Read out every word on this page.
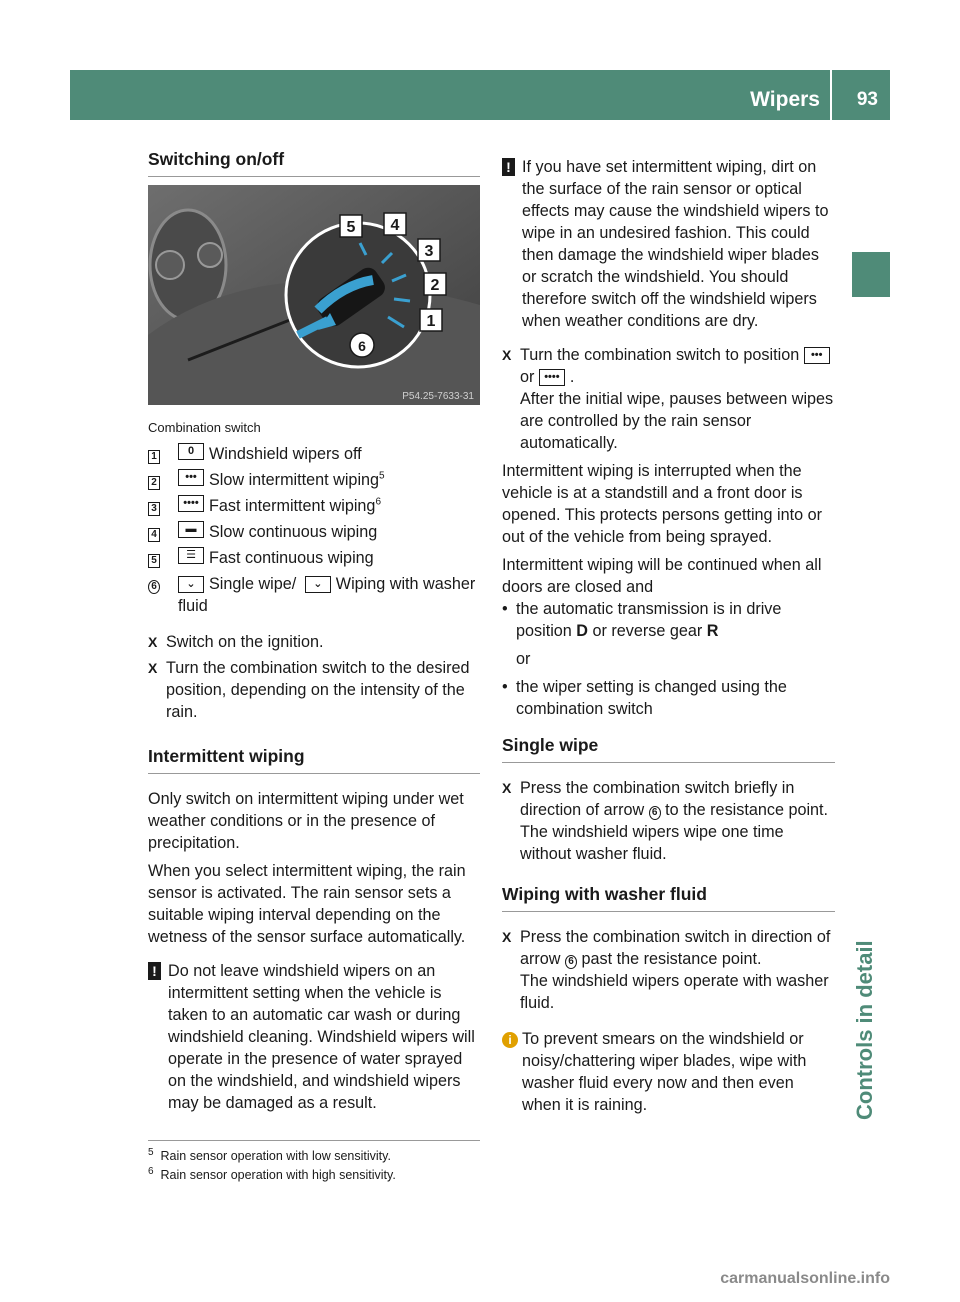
Wipers 93
Controls in detail
Switching on/off
5 4
3
2
1
6
P54.25-7633-31
Combination switch
1	0 Windshield wipers off
2	••• Slow intermittent wiping$^5$
3	•••• Fast intermittent wiping$^6$
4	▬ Slow continuous wiping
5	☰ Fast continuous wiping
6	⌄ Single wipe/ ⌄ Wiping with washer fluid
X Switch on the ignition.
X Turn the combination switch to the desired position, depending on the intensity of the rain.
Intermittent wiping

Only switch on intermittent wiping under wet weather conditions or in the presence of precipitation.

When you select intermittent wiping, the rain sensor is activated. The rain sensor sets a suitable wiping interval depending on the wetness of the sensor surface automatically.

! Do not leave windshield wipers on an intermittent setting when the vehicle is taken to an automatic car wash or during windshield cleaning. Windshield wipers will operate in the presence of water sprayed on the windshield, and windshield wipers may be damaged as a result.
! If you have set intermittent wiping, dirt on the surface of the rain sensor or optical effects may cause the windshield wipers to wipe in an undesired fashion. This could then damage the windshield wiper blades or scratch the windshield. You should therefore switch off the windshield wipers when weather conditions are dry.
X Turn the combination switch to position •••or •••• .
After the initial wipe, pauses between wipes are controlled by the rain sensor automatically.

Intermittent wiping is interrupted when the vehicle is at a standstill and a front door is opened. This protects persons getting into or out of the vehicle from being sprayed.

Intermittent wiping will be continued when all doors are closed and

• the automatic transmission is in drive position D or reverse gear R

or

• the wiper setting is changed using the combination switch
Single wipe
X Press the combination switch briefly in direction of arrow 6 to the resistance point.
The windshield wipers wipe one time without washer fluid.
Wiping with washer fluid
X Press the combination switch in direction of arrow 6 past the resistance point.
The windshield wipers operate with washer fluid.
i To prevent smears on the windshield or noisy/chattering wiper blades, wipe with washer fluid every now and then even when it is raining.
$^5$ Rain sensor operation with low sensitivity.
$^6$ Rain sensor operation with high sensitivity.
carmanualsonline.info
